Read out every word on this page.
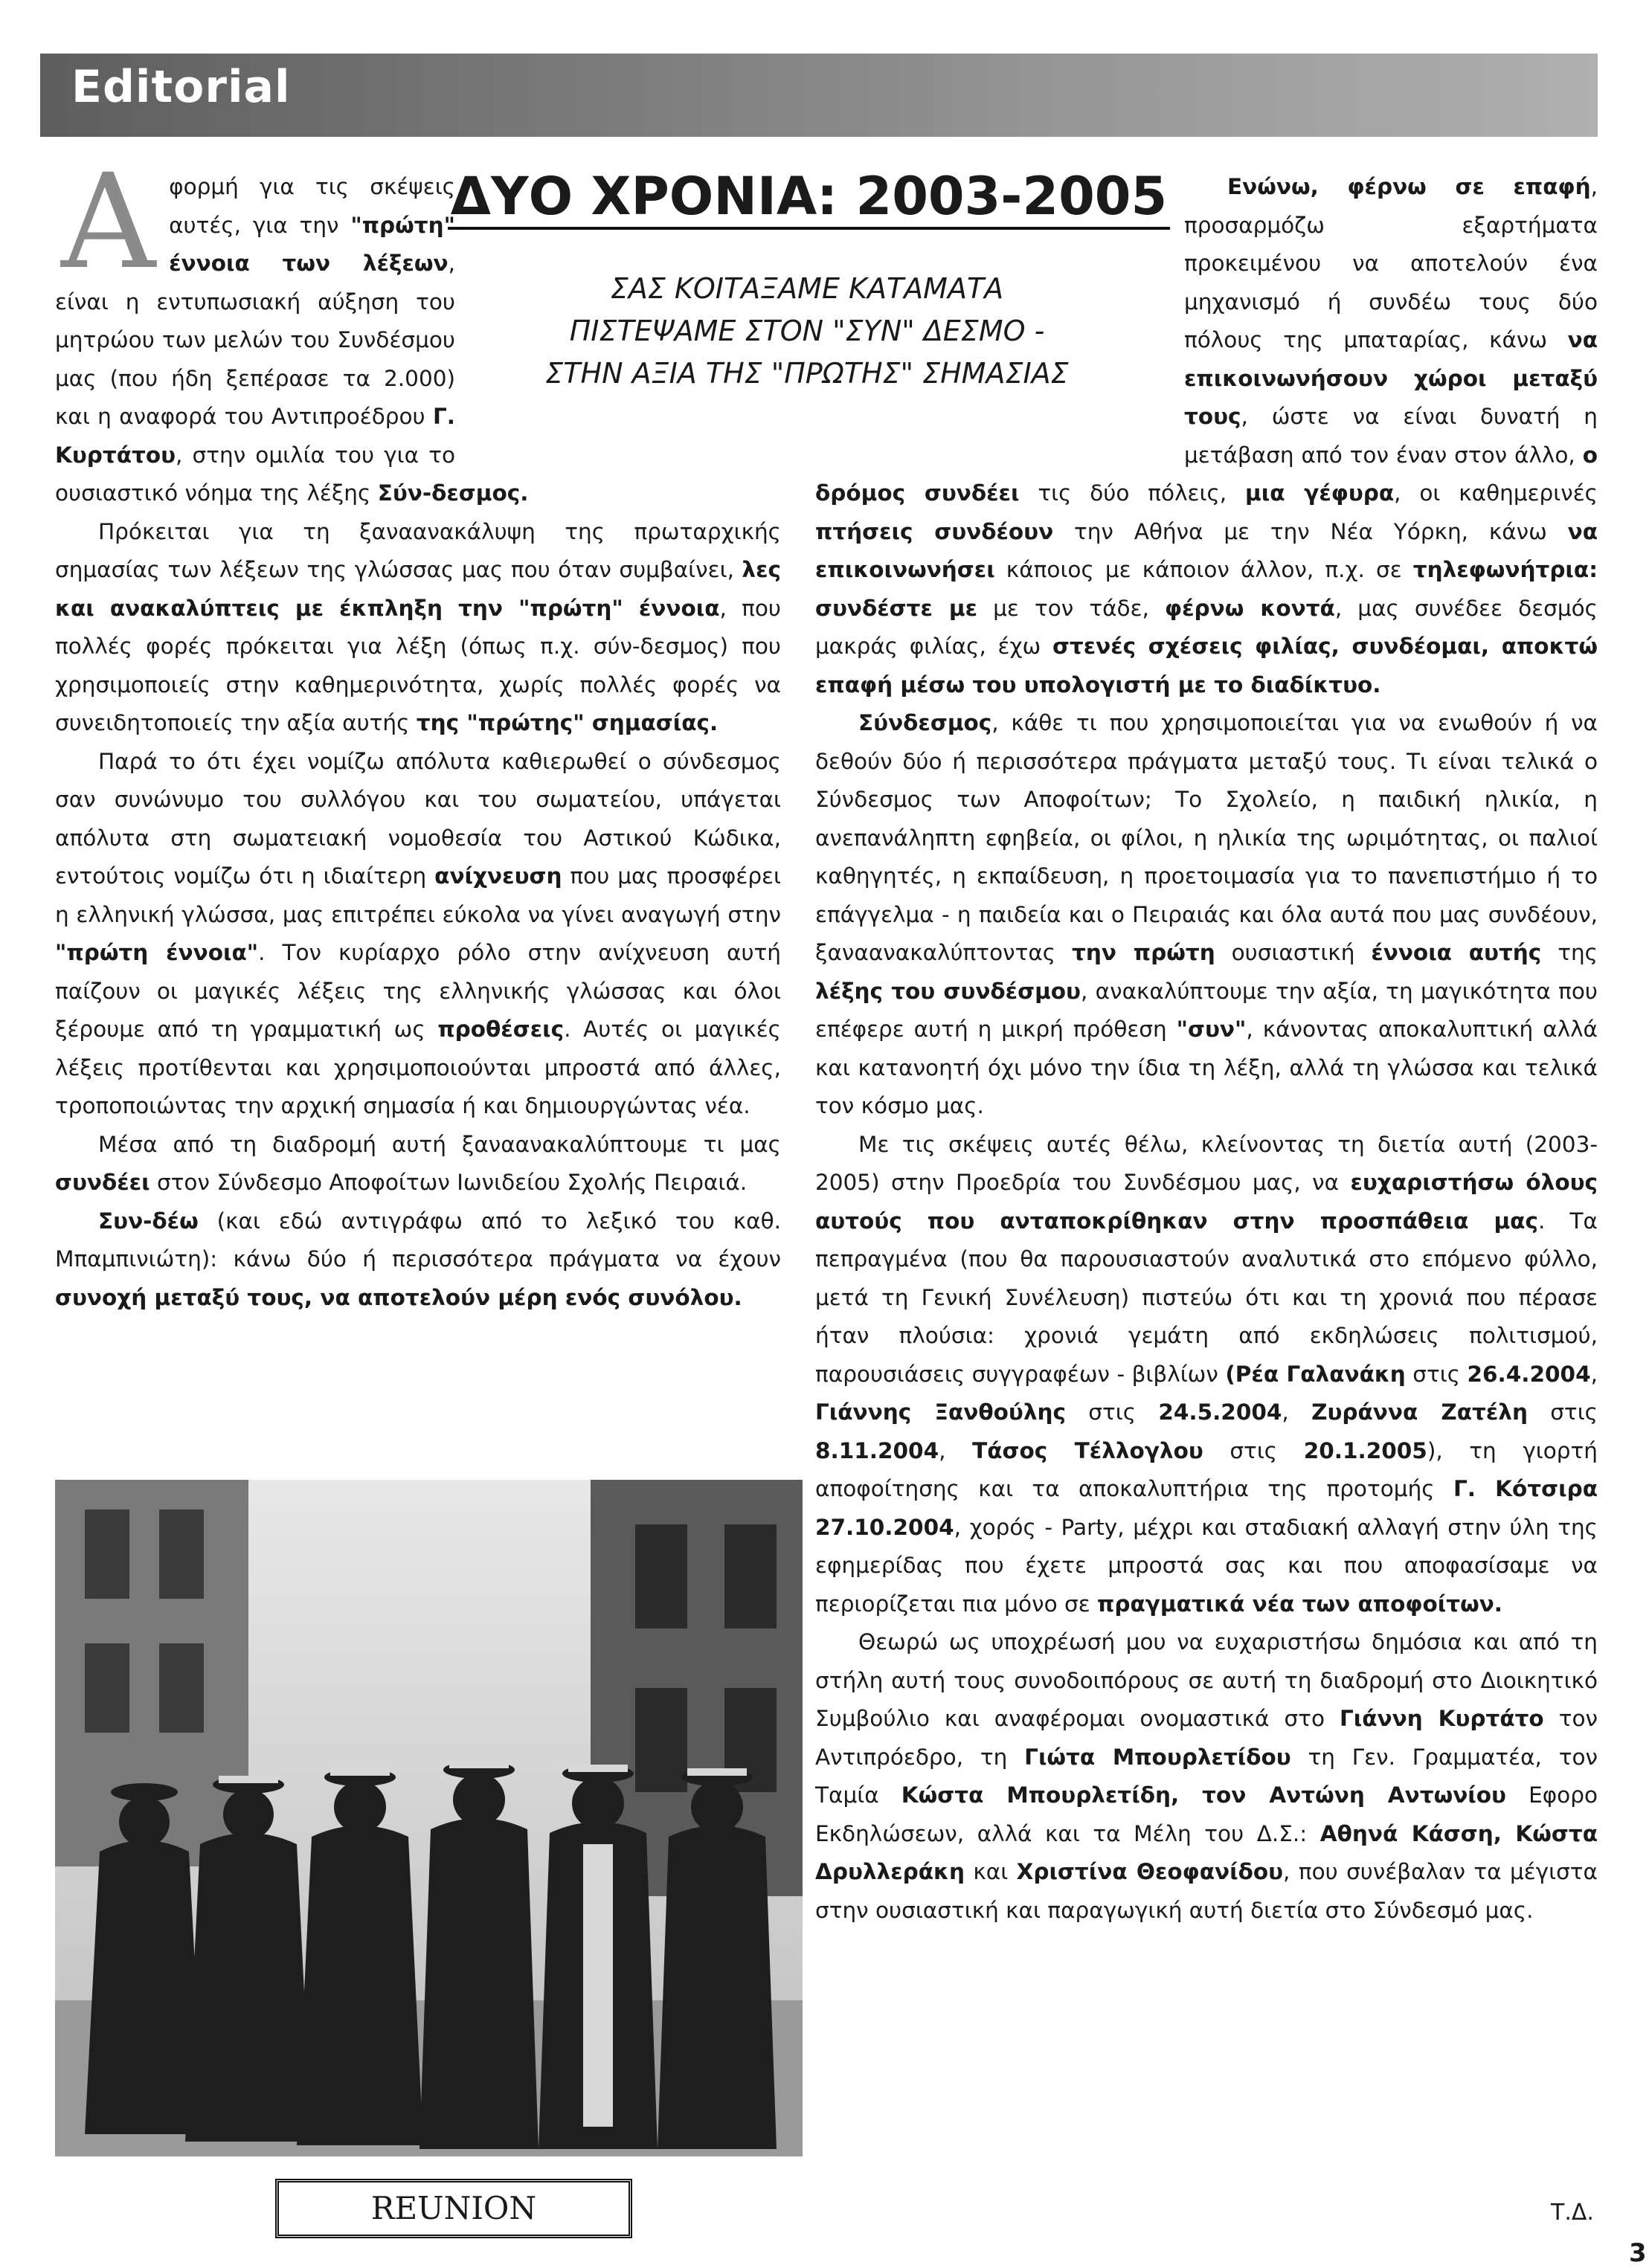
Editorial
ΔΥΟ ΧΡΟΝΙΑ: 2003-2005
ΣΑΣ ΚΟΙΤΑΞΑΜΕ ΚΑΤΑΜΑΤΑ
ΠΙΣΤΕΨΑΜΕ ΣΤΟΝ "ΣΥΝ" ΔΕΣΜΟ -
ΣΤΗΝ ΑΞΙΑ ΤΗΣ "ΠΡΩΤΗΣ" ΣΗΜΑΣΙΑΣ

Α φορμή για τις σκέψεις αυτές, για την "πρώτη" έννοια των λέξεων, είναι η εντυπωσιακή αύξηση του μητρώου των μελών του Συνδέσμου μας (που ήδη ξεπέρασε τα 2.000) και η αναφορά του Αντιπροέδρου Γ. Κυρτάτου, στην ομιλία του για το ουσιαστικό νόημα της λέξης Σύν-δεσμος.

Πρόκειται για τη ξαναανακάλυψη της πρωταρχικής σημασίας των λέξεων της γλώσσας μας που όταν συμβαίνει, λες και ανακαλύπτεις με έκπληξη την "πρώτη" έννοια, που πολλές φορές πρόκειται για λέξη (όπως π.χ. σύν-δεσμος) που χρησιμοποιείς στην καθημερινότητα, χωρίς πολλές φορές να συνειδητοποιείς την αξία αυτής της "πρώτης" σημασίας.

Παρά το ότι έχει νομίζω απόλυτα καθιερωθεί ο σύνδεσμος σαν συνώνυμο του συλλόγου και του σωματείου, υπάγεται απόλυτα στη σωματειακή νομοθεσία του Αστικού Κώδικα, εντούτοις νομίζω ότι η ιδιαίτερη ανίχνευση που μας προσφέρει η ελληνική γλώσσα, μας επιτρέπει εύκολα να γίνει αναγωγή στην "πρώτη έννοια". Τον κυρίαρχο ρόλο στην ανίχνευση αυτή παίζουν οι μαγικές λέξεις της ελληνικής γλώσσας και όλοι ξέρουμε από τη γραμματική ως προθέσεις. Αυτές οι μαγικές λέξεις προτίθενται και χρησιμοποιούνται μπροστά από άλλες, τροποποιώντας την αρχική σημασία ή και δημιουργώντας νέα.

Μέσα από τη διαδρομή αυτή ξαναανακαλύπτουμε τι μας συνδέει στον Σύνδεσμο Αποφοίτων Ιωνιδείου Σχολής Πειραιά.

Συν-δέω (και εδώ αντιγράφω από το λεξικό του καθ. Μπαμπινιώτη): κάνω δύο ή περισσότερα πράγματα να έχουν συνοχή μεταξύ τους, να αποτελούν μέρη ενός συνόλου.

Ενώνω, φέρνω σε επαφή, προσαρμόζω εξαρτήματα προκειμένου να αποτελούν ένα μηχανισμό ή συνδέω τους δύο πόλους της μπαταρίας, κάνω να επικοινωνήσουν χώροι μεταξύ τους, ώστε να είναι δυνατή η μετάβαση από τον έναν στον άλλο, ο δρόμος συνδέει τις δύο πόλεις, μια γέφυρα, οι καθημερινές πτήσεις συνδέουν την Αθήνα με την Νέα Υόρκη, κάνω να επικοινωνήσει κάποιος με κάποιον άλλον, π.χ. σε τηλεφωνήτρια: συνδέστε με με τον τάδε, φέρνω κοντά, μας συνέδεε δεσμός μακράς φιλίας, έχω στενές σχέσεις φιλίας, συνδέομαι, αποκτώ επαφή μέσω του υπολογιστή με το διαδίκτυο.

Σύνδεσμος, κάθε τι που χρησιμοποιείται για να ενωθούν ή να δεθούν δύο ή περισσότερα πράγματα μεταξύ τους. Τι είναι τελικά ο Σύνδεσμος των Αποφοίτων; Το Σχολείο, η παιδική ηλικία, η ανεπανάληπτη εφηβεία, οι φίλοι, η ηλικία της ωριμότητας, οι παλιοί καθηγητές, η εκπαίδευση, η προετοιμασία για το πανεπιστήμιο ή το επάγγελμα - η παιδεία και ο Πειραιάς και όλα αυτά που μας συνδέουν, ξαναανακαλύπτοντας την πρώτη ουσιαστική έννοια αυτής της λέξης του συνδέσμου, ανακαλύπτουμε την αξία, τη μαγικότητα που επέφερε αυτή η μικρή πρόθεση "συν", κάνοντας αποκαλυπτική αλλά και κατανοητή όχι μόνο την ίδια τη λέξη, αλλά τη γλώσσα και τελικά τον κόσμο μας.

Με τις σκέψεις αυτές θέλω, κλείνοντας τη διετία αυτή (2003-2005) στην Προεδρία του Συνδέσμου μας, να ευχαριστήσω όλους αυτούς που ανταποκρίθηκαν στην προσπάθεια μας. Τα πεπραγμένα (που θα παρουσιαστούν αναλυτικά στο επόμενο φύλλο, μετά τη Γενική Συνέλευση) πιστεύω ότι και τη χρονιά που πέρασε ήταν πλούσια: χρονιά γεμάτη από εκδηλώσεις πολιτισμού, παρουσιάσεις συγγραφέων - βιβλίων (Ρέα Γαλανάκη στις 26.4.2004, Γιάννης Ξανθούλης στις 24.5.2004, Ζυράννα Ζατέλη στις 8.11.2004, Τάσος Τέλλογλου στις 20.1.2005), τη γιορτή αποφοίτησης και τα αποκαλυπτήρια της προτομής Γ. Κότσιρα 27.10.2004, χορός - Party, μέχρι και σταδιακή αλλαγή στην ύλη της εφημερίδας που έχετε μπροστά σας και που αποφασίσαμε να περιορίζεται πια μόνο σε πραγματικά νέα των αποφοίτων.

Θεωρώ ως υποχρέωσή μου να ευχαριστήσω δημόσια και από τη στήλη αυτή τους συνοδοιπόρους σε αυτή τη διαδρομή στο Διοικητικό Συμβούλιο και αναφέρομαι ονομαστικά στο Γιάννη Κυρτάτο τον Αντιπρόεδρο, τη Γιώτα Μπουρλετίδου τη Γεν. Γραμματέα, τον Ταμία Κώστα Μπουρλετίδη, τον Αντώνη Αντωνίου Εφορο Εκδηλώσεων, αλλά και τα Μέλη του Δ.Σ.: Αθηνά Κάσση, Κώστα Δρυλλεράκη και Χριστίνα Θεοφανίδου, που συνέβαλαν τα μέγιστα στην ουσιαστική και παραγωγική αυτή διετία στο Σύνδεσμό μας.

REUNION	Τ.Δ.
3
